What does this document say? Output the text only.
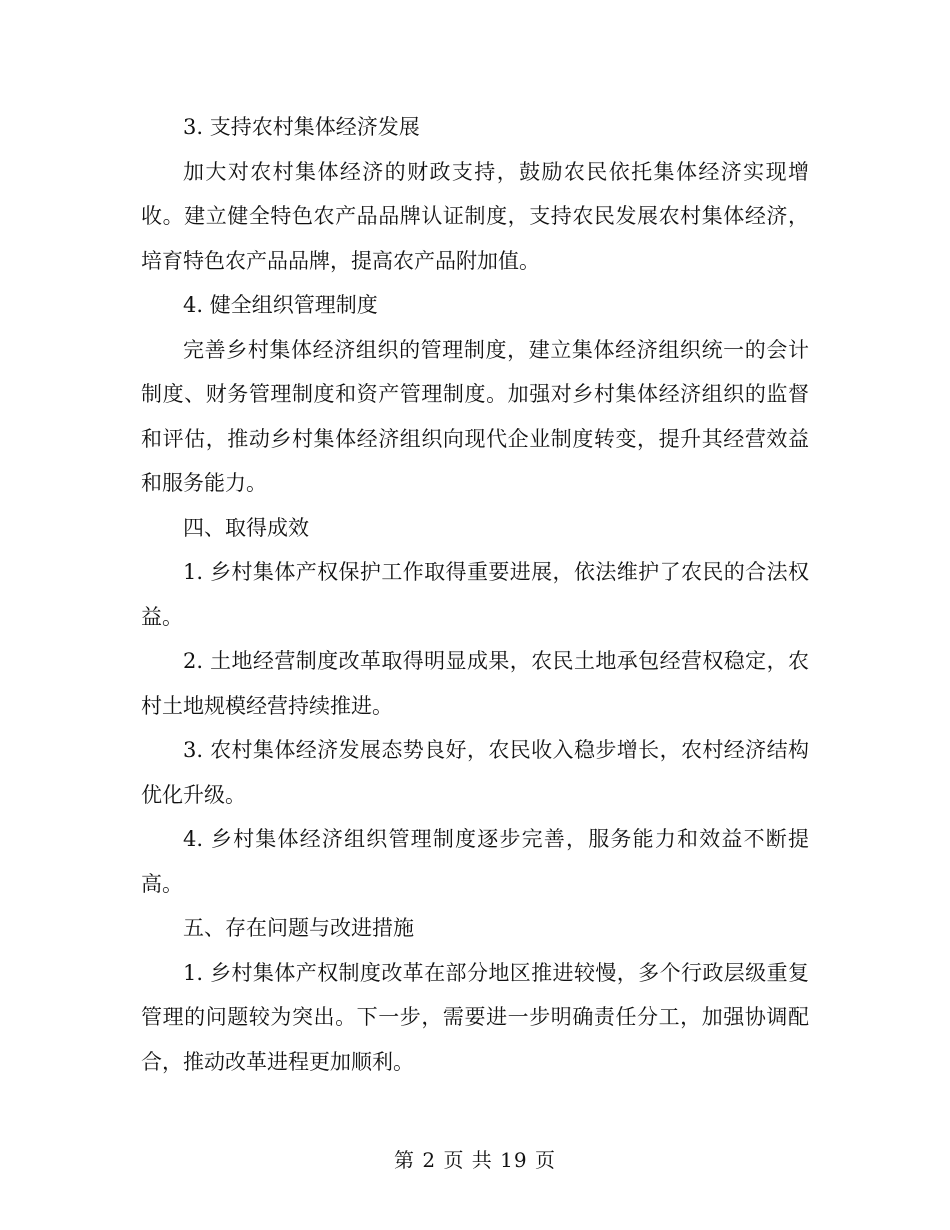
3. 支持农村集体经济发展

加大对农村集体经济的财政支持，鼓励农民依托集体经济实现增收。建立健全特色农产品品牌认证制度，支持农民发展农村集体经济，培育特色农产品品牌，提高农产品附加值。

4. 健全组织管理制度

完善乡村集体经济组织的管理制度，建立集体经济组织统一的会计制度、财务管理制度和资产管理制度。加强对乡村集体经济组织的监督和评估，推动乡村集体经济组织向现代企业制度转变，提升其经营效益和服务能力。

四、取得成效

1. 乡村集体产权保护工作取得重要进展，依法维护了农民的合法权益。

2. 土地经营制度改革取得明显成果，农民土地承包经营权稳定，农村土地规模经营持续推进。

3. 农村集体经济发展态势良好，农民收入稳步增长，农村经济结构优化升级。

4. 乡村集体经济组织管理制度逐步完善，服务能力和效益不断提高。

五、存在问题与改进措施

1. 乡村集体产权制度改革在部分地区推进较慢，多个行政层级重复管理的问题较为突出。下一步，需要进一步明确责任分工，加强协调配合，推动改革进程更加顺利。

第 2 页 共 19 页
